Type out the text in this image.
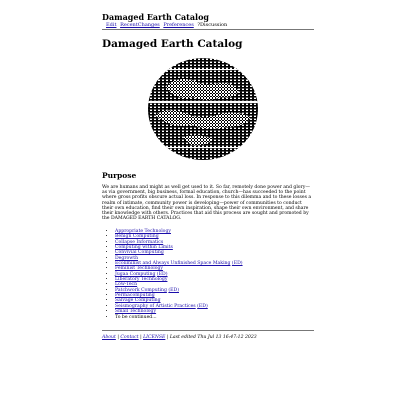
Damaged Earth Catalog
Edit RecentChanges Preferences ?Discussion
Damaged Earth Catalog
Purpose
We are humans and might as well get used to it. So far, remotely done power and glory—as via government, big business, formal education, church—has succeeded to the point where gross profits obscure actual loss. In response to this dilemma and to these losses a realm of intimate, community power is developing—power of communities to conduct their own education, find their own inspiration, shape their own environment, and share their knowledge with others. Practices that aid this process are sought and promoted by the DAMAGED EARTH CATALOG.
• Appropriate Technology
• Benign Computing
• Collapse Informatics
• Computing within Limits
• Convivial Computing
• Degrowth
• Ecoliminist and Always Unfinished Space Making (ED)
• Feminist Technology
• Jugaa Computing (ED)
• Liberatory Technology
• Low-Tech
• Patchwork Computing (ED)
• Permacomputing
• Salvage Computing
• Seismography of Artistic Practices (ED)
• Small Technology
• To be continued...
About | Contact | LICENSE | Last edited Thu Jul 13 16:47:12 2023
